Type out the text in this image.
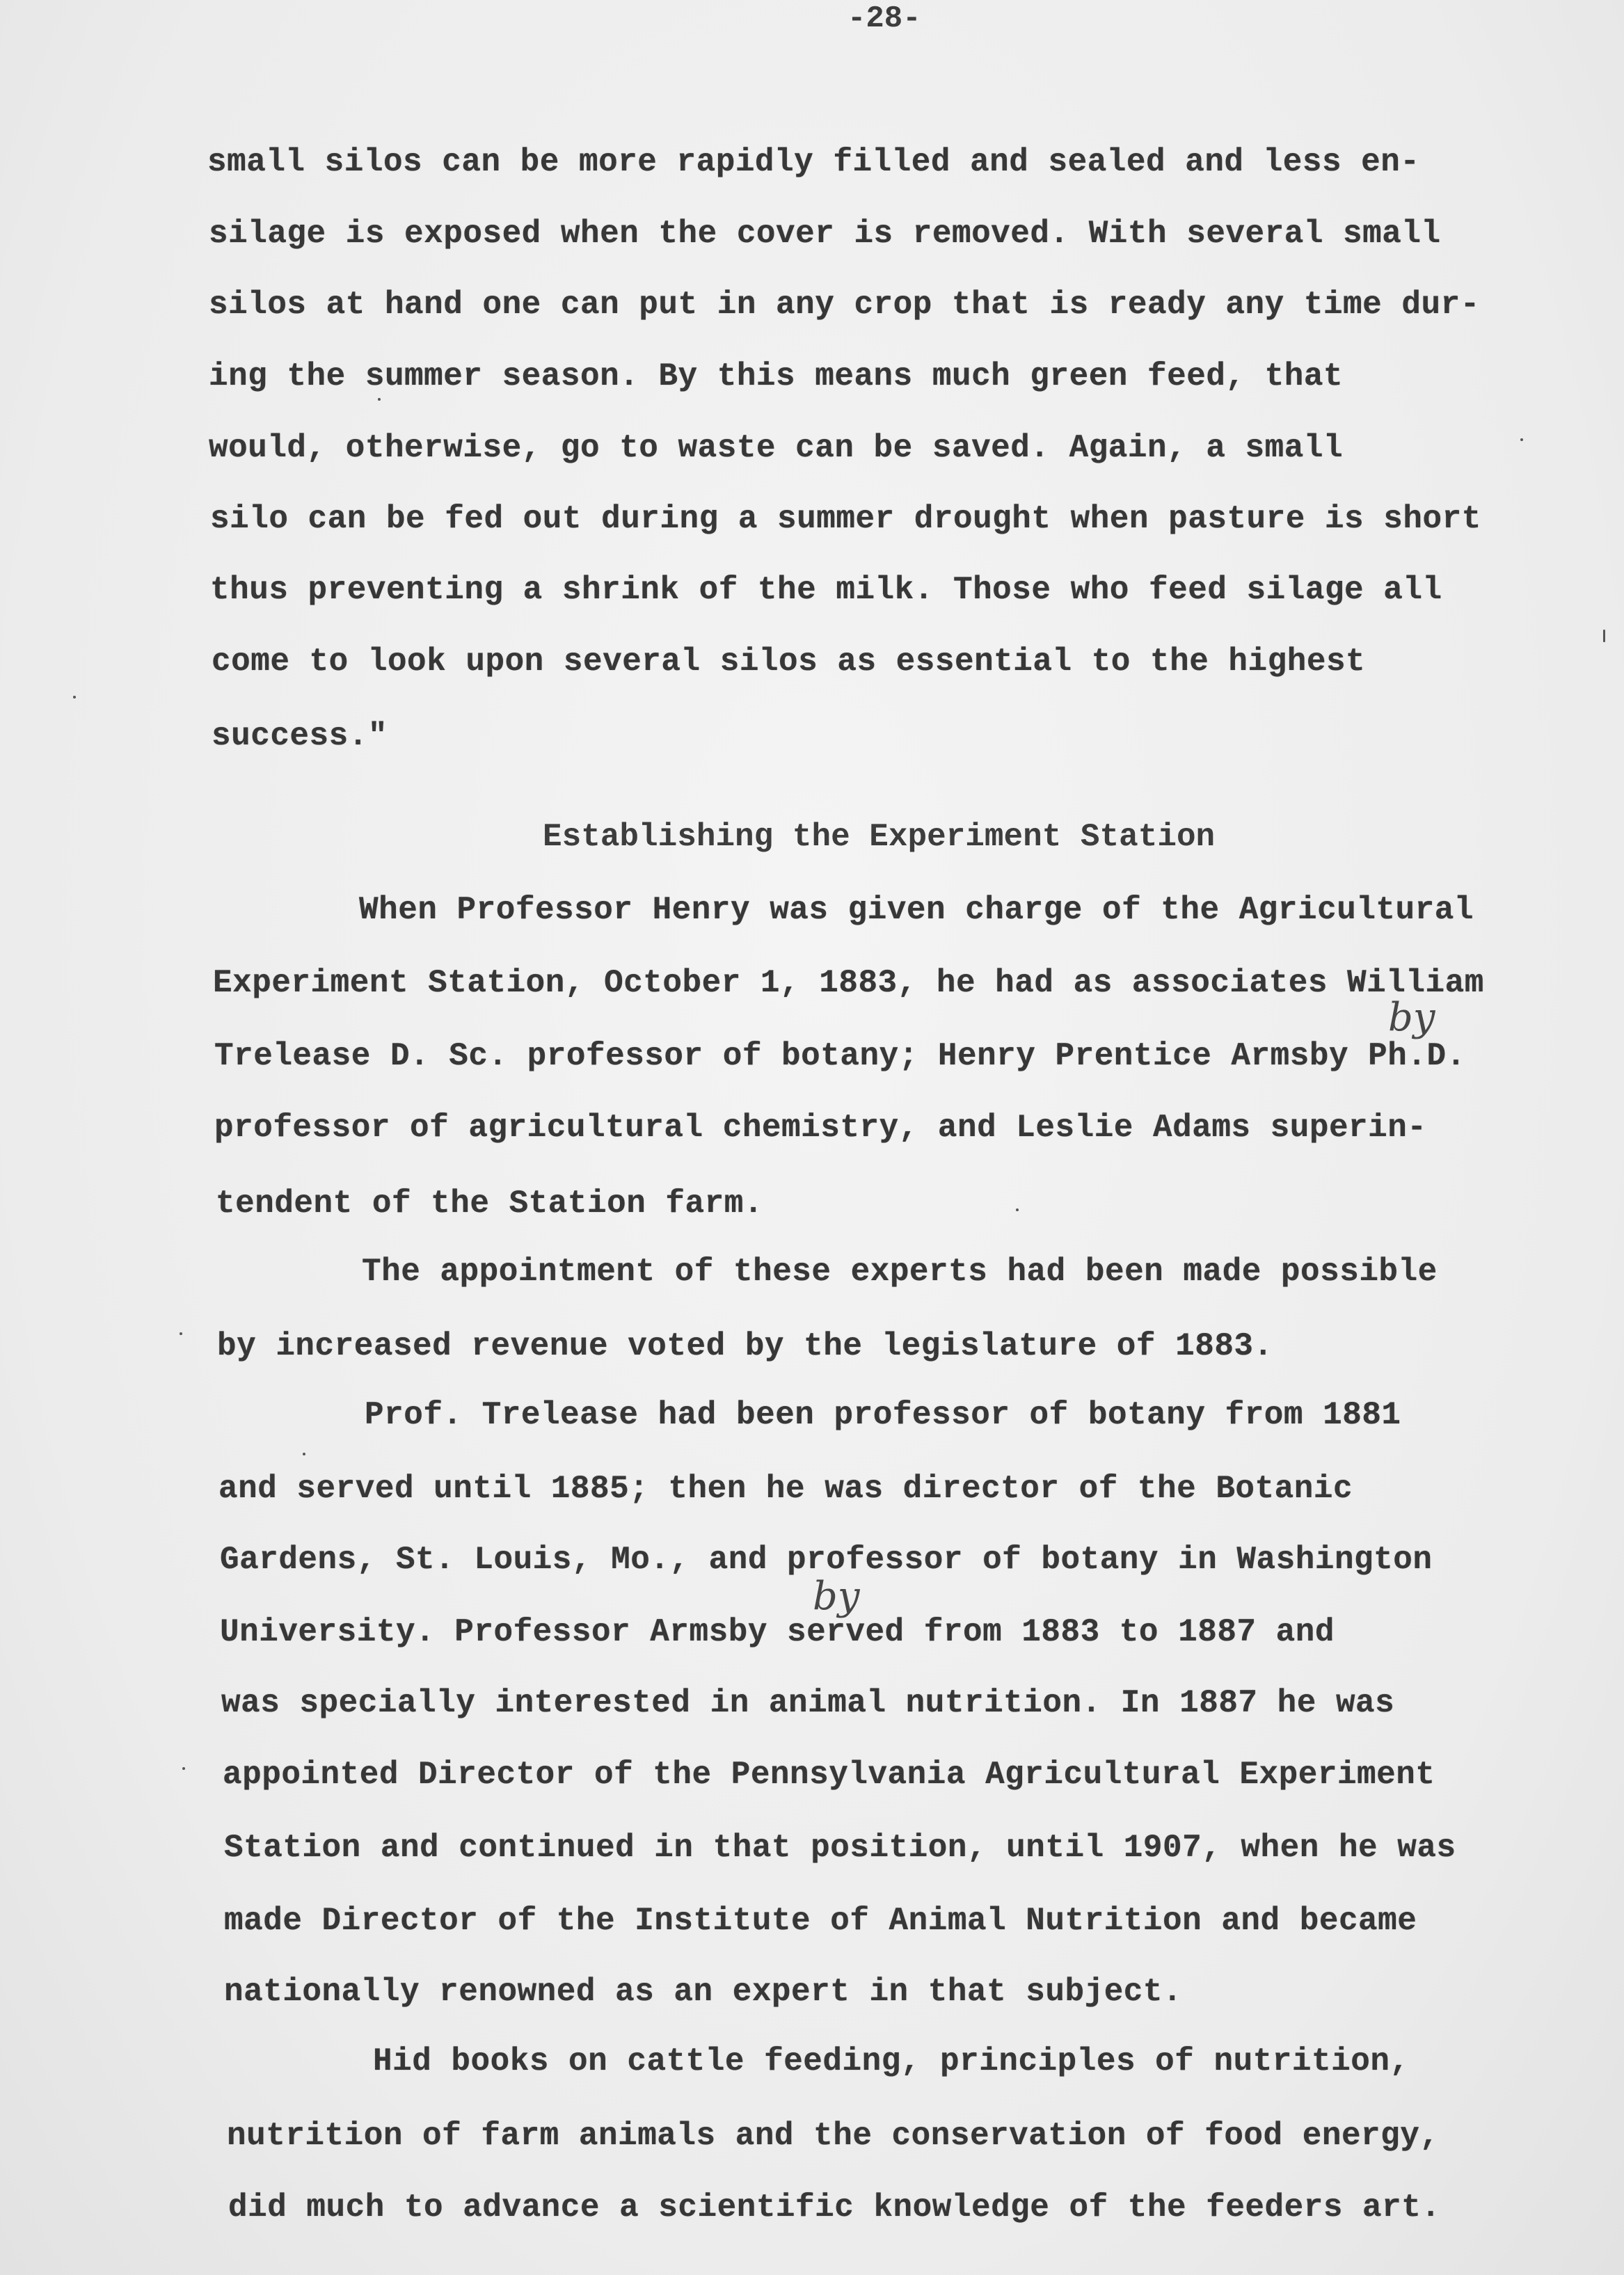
-28-
small silos can be more rapidly filled and sealed and less en-
silage is exposed when the cover is removed. With several small
silos at hand one can put in any crop that is ready any time dur-
ing the summer season. By this means much green feed, that
would, otherwise, go to waste can be saved. Again, a small
silo can be fed out during a summer drought when pasture is short
thus preventing a shrink of the milk. Those who feed silage all
come to look upon several silos as essential to the highest
success."
Establishing the Experiment Station
When Professor Henry was given charge of the Agricultural
Experiment Station, October 1, 1883, he had as associates William
Trelease D. Sc. professor of botany; Henry Prentice Armsby Ph.D.
professor of agricultural chemistry, and Leslie Adams superin-
tendent of the Station farm.
The appointment of these experts had been made possible
by increased revenue voted by the legislature of 1883.
Prof. Trelease had been professor of botany from 1881
and served until 1885; then he was director of the Botanic
Gardens, St. Louis, Mo., and professor of botany in Washington
University. Professor Armsby served from 1883 to 1887 and
was specially interested in animal nutrition. In 1887 he was
appointed Director of the Pennsylvania Agricultural Experiment
Station and continued in that position, until 1907, when he was
made Director of the Institute of Animal Nutrition and became
nationally renowned as an expert in that subject.
Hid books on cattle feeding, principles of nutrition,
nutrition of farm animals and the conservation of food energy,
did much to advance a scientific knowledge of the feeders art.
by
by
